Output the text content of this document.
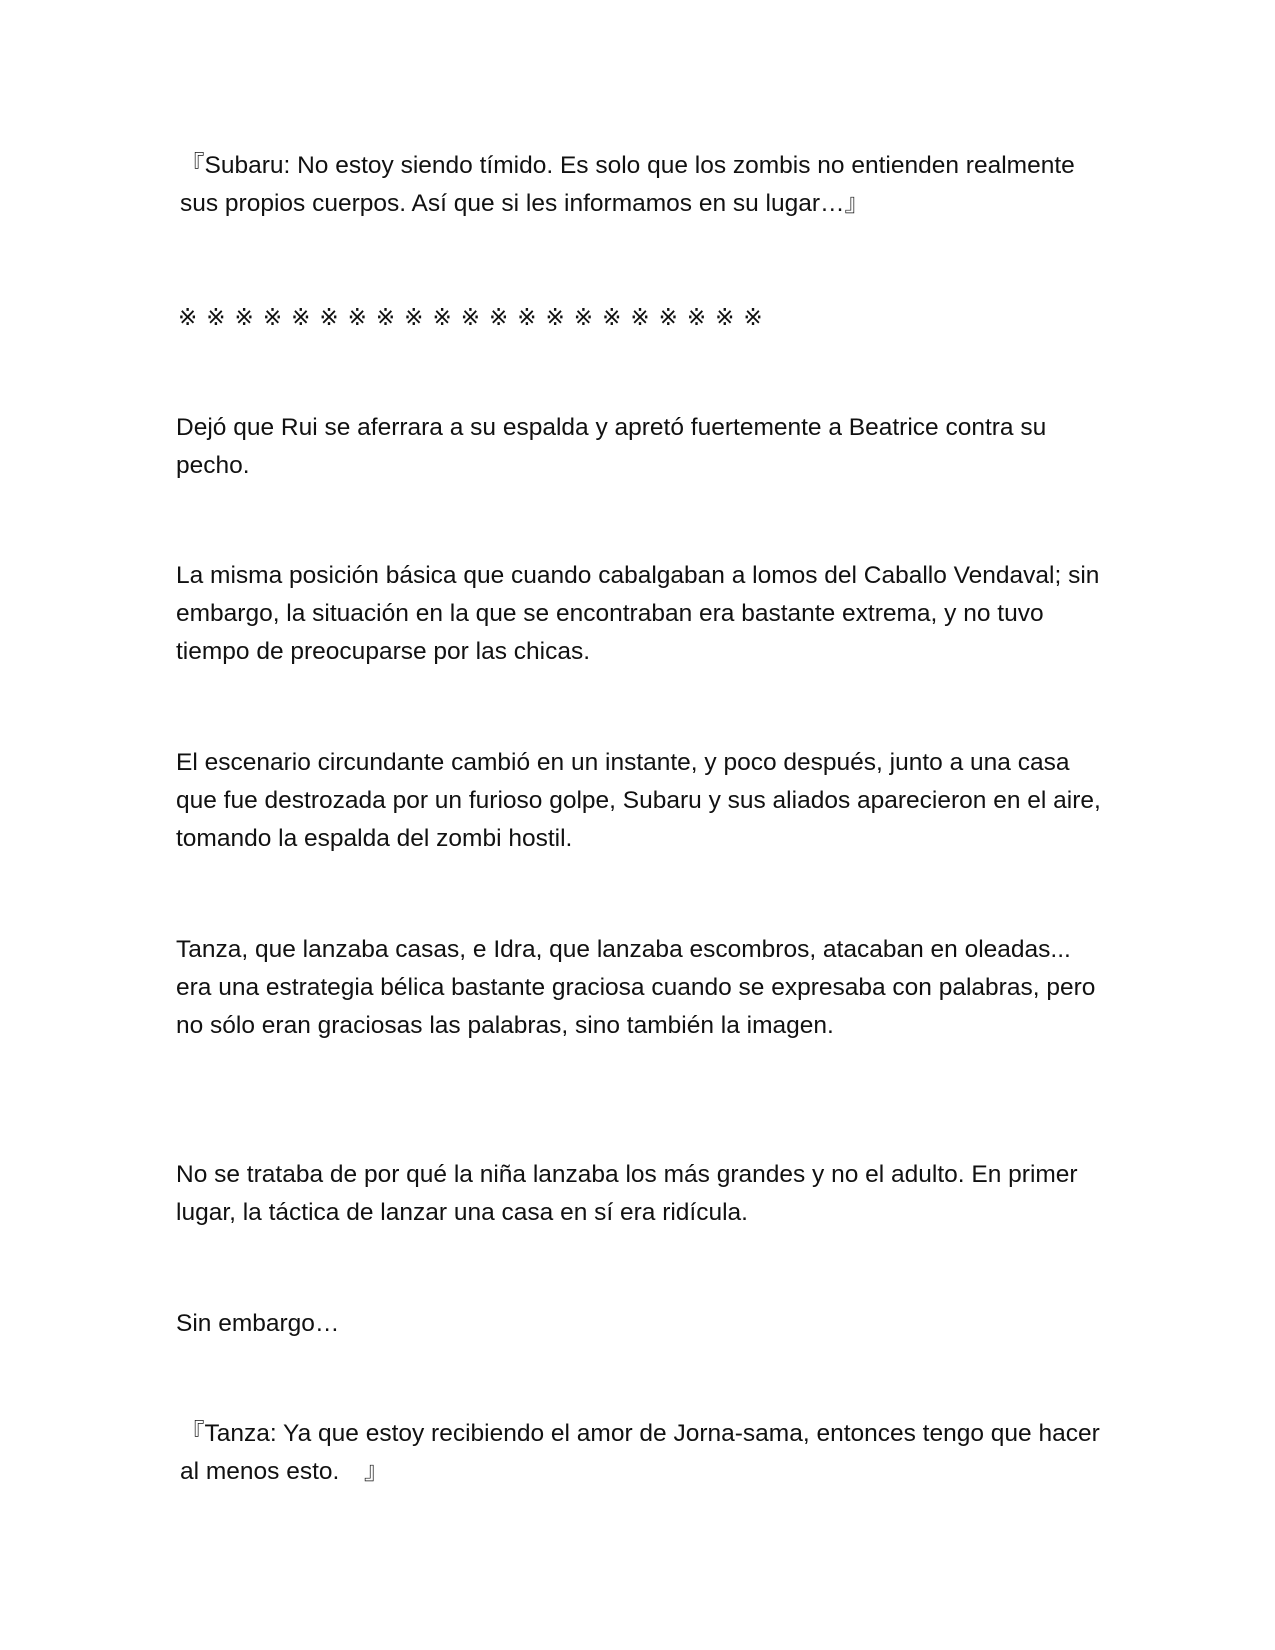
『Subaru: No estoy siendo tímido. Es solo que los zombis no entienden realmente sus propios cuerpos. Así que si les informamos en su lugar…』

※※※※※※※※※※※※※※※※※※※※※

Dejó que Rui se aferrara a su espalda y apretó fuertemente a Beatrice contra su pecho.

La misma posición básica que cuando cabalgaban a lomos del Caballo Vendaval; sin embargo, la situación en la que se encontraban era bastante extrema, y no tuvo tiempo de preocuparse por las chicas.

El escenario circundante cambió en un instante, y poco después, junto a una casa que fue destrozada por un furioso golpe, Subaru y sus aliados aparecieron en el aire, tomando la espalda del zombi hostil.

Tanza, que lanzaba casas, e Idra, que lanzaba escombros, atacaban en oleadas... era una estrategia bélica bastante graciosa cuando se expresaba con palabras, pero no sólo eran graciosas las palabras, sino también la imagen.

No se trataba de por qué la niña lanzaba los más grandes y no el adulto. En primer lugar, la táctica de lanzar una casa en sí era ridícula.

Sin embargo…

『Tanza: Ya que estoy recibiendo el amor de Jorna-sama, entonces tengo que hacer al menos esto.　』
